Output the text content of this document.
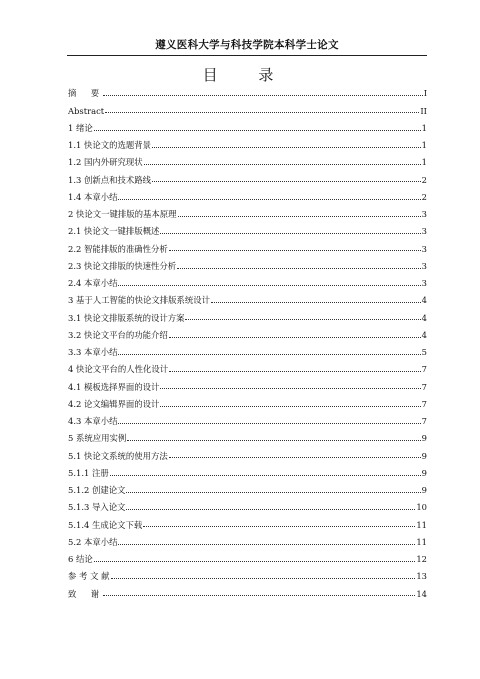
遵义医科大学与科技学院本科学士论文
目 录
摘　要	I
Abstract	II
1 绪论	1
1.1 快论文的选题背景	1
1.2 国内外研究现状	1
1.3 创新点和技术路线	2
1.4 本章小结	2
2 快论文一键排版的基本原理	3
2.1 快论文一键排版概述	3
2.2 智能排版的准确性分析	3
2.3 快论文排版的快速性分析	3
2.4 本章小结	3
3 基于人工智能的快论文排版系统设计	4
3.1 快论文排版系统的设计方案	4
3.2 快论文平台的功能介绍	4
3.3 本章小结	5
4 快论文平台的人性化设计	7
4.1 模板选择界面的设计	7
4.2 论文编辑界面的设计	7
4.3 本章小结	7
5 系统应用实例	9
5.1 快论文系统的使用方法	9
5.1.1 注册	9
5.1.2 创建论文	9
5.1.3 导入论文	10
5.1.4 生成论文下载	11
5.2 本章小结	11
6 结论	12
参 考 文 献	13
致　谢	14
